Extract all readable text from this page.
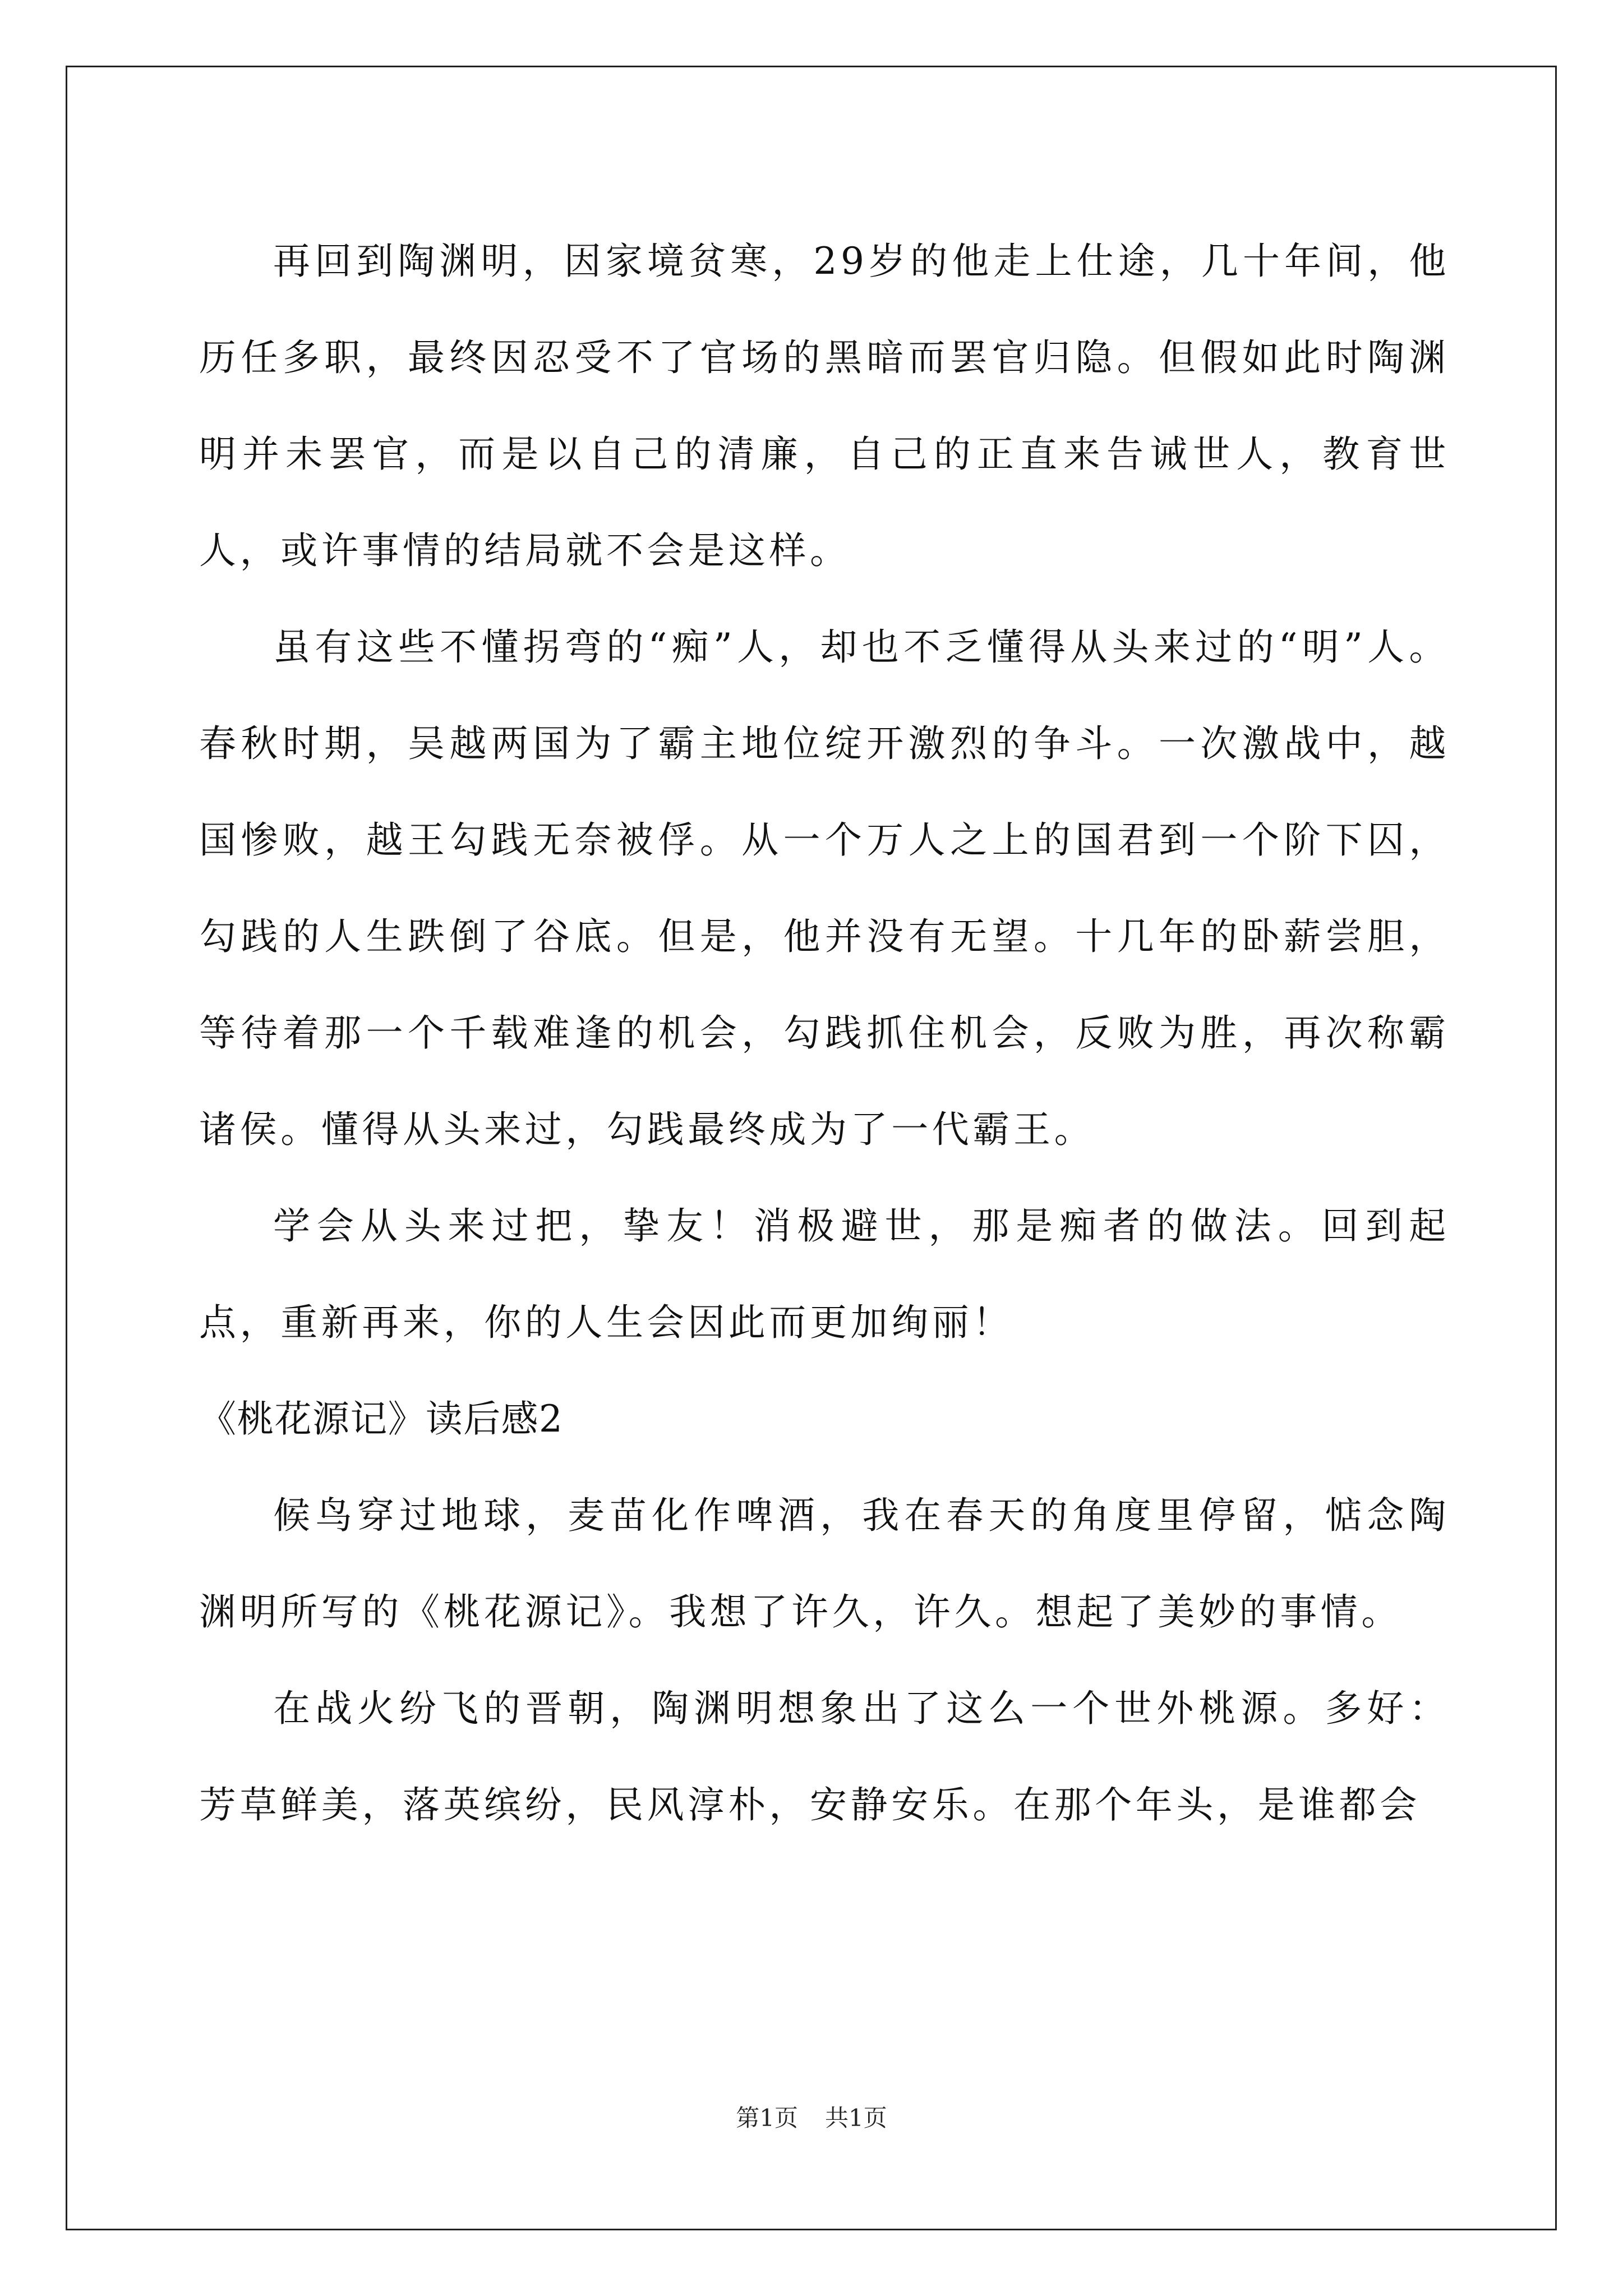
再回到陶渊明，因家境贫寒，29岁的他走上仕途，几十年间，他历任多职，最终因忍受不了官场的黑暗而罢官归隐。但假如此时陶渊明并未罢官，而是以自己的清廉，自己的正直来告诫世人，教育世人，或许事情的结局就不会是这样。

虽有这些不懂拐弯的“痴”人，却也不乏懂得从头来过的“明”人。春秋时期，吴越两国为了霸主地位绽开激烈的争斗。一次激战中，越国惨败，越王勾践无奈被俘。从一个万人之上的国君到一个阶下囚，勾践的人生跌倒了谷底。但是，他并没有无望。十几年的卧薪尝胆，等待着那一个千载难逢的机会，勾践抓住机会，反败为胜，再次称霸诸侯。懂得从头来过，勾践最终成为了一代霸王。

学会从头来过把，挚友！消极避世，那是痴者的做法。回到起点，重新再来，你的人生会因此而更加绚丽！

《桃花源记》读后感2

候鸟穿过地球，麦苗化作啤酒，我在春天的角度里停留，惦念陶渊明所写的《桃花源记》。我想了许久，许久。想起了美妙的事情。

在战火纷飞的晋朝，陶渊明想象出了这么一个世外桃源。多好：芳草鲜美，落英缤纷，民风淳朴，安静安乐。在那个年头，是谁都会

第1页 共1页
